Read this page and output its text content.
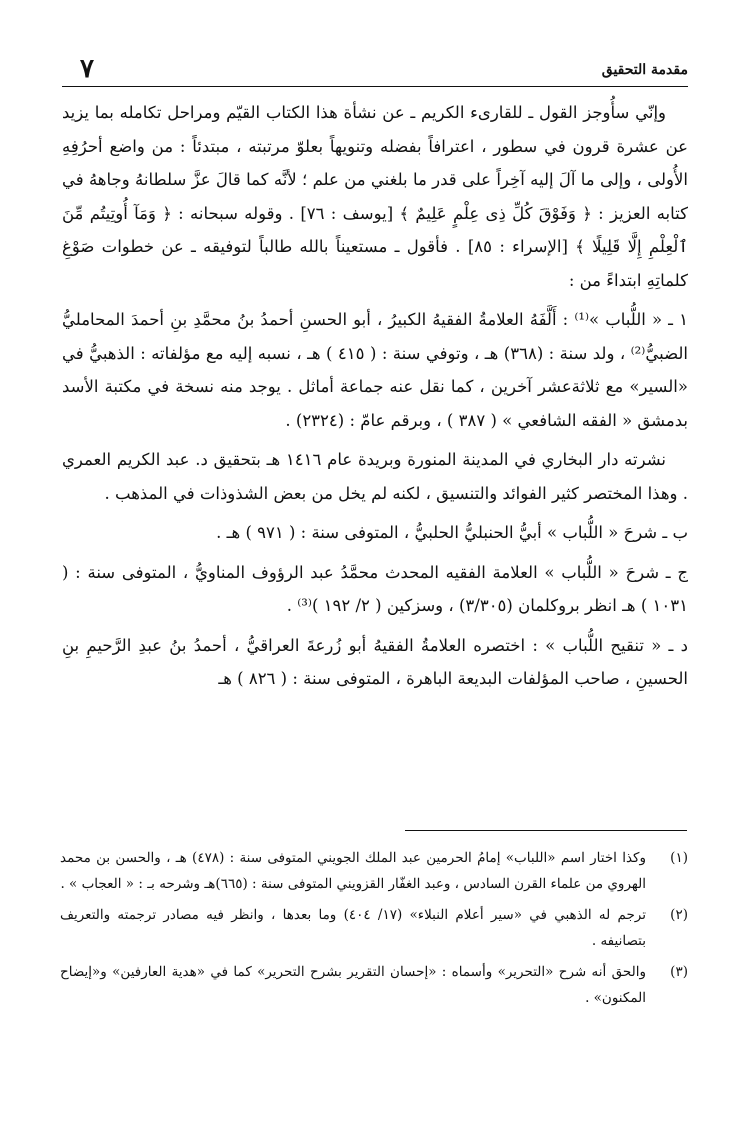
مقدمة التحقيق
٧

وإنّي سأُوجز القول ـ للقارىء الكريم ـ عن نشأة هذا الكتاب القيّم ومراحل تكامله بما يزيد عن عشرة قرون في سطور ، اعترافاً بفضله وتنويهاً بعلوّ مرتبته ، مبتدئاً : من واضع أحرُفِهِ الأُولى ، وإلى ما آلَ إليه آخِراً على قدر ما بلغني من علم ؛ لأنَّه كما قالَ عزَّ سلطانهُ وجاههُ في كتابه العزيز : ﴿ وَفَوْقَ كُلِّ ذِى عِلْمٍ عَلِيمٌ ﴾ [يوسف : ٧٦] . وقوله سبحانه : ﴿ وَمَآ أُوتِيتُم مِّنَ ٱلْعِلْمِ إِلَّا قَلِيلًا ﴾ [الإسراء : ٨٥] . فأقول ـ مستعيناً بالله طالباً لتوفيقه ـ عن خطوات صَوْغِ كلماتِهِ ابتداءً من :

١ ـ « اللُّباب »⁽¹⁾ : أَلَّفَهُ العلامةُ الفقيهُ الكبيرُ ، أبو الحسنِ أحمدُ بنُ محمَّدِ بنِ أحمدَ المحامليُّ الضبيُّ⁽²⁾ ، ولد سنة : (٣٦٨) هـ ، وتوفي سنة : ( ٤١٥ ) هـ ، نسبه إليه مع مؤلفاته : الذهبيُّ في «السير» مع ثلاثةعشر آخرين ، كما نقل عنه جماعة أماثل . يوجد منه نسخة في مكتبة الأسد بدمشق « الفقه الشافعي » ( ٣٨٧ ) ، وبرقم عامّ : (٢٣٢٤) .

نشرته دار البخاري في المدينة المنورة وبريدة عام ١٤١٦ هـ بتحقيق د. عبد الكريم العمري . وهذا المختصر كثير الفوائد والتنسيق ، لكنه لم يخل من بعض الشذوذات في المذهب .

ب ـ شرحَ « اللُّباب » أبيُّ الحنبليُّ الحلبيُّ ، المتوفى سنة : ( ٩٧١ ) هـ .

ج ـ شرحَ « اللُّباب » العلامة الفقيه المحدث محمَّدُ عبد الرؤوف المناويُّ ، المتوفى سنة : ( ١٠٣١ ) هـ انظر بروكلمان (٣/٣٠٥) ، وسزكين ( ٢/ ١٩٢ )⁽³⁾ .

د ـ « تنقيح اللُّباب » : اختصره العلامةُ الفقيهُ أبو زُرعةَ العراقيُّ ، أحمدُ بنُ عبدِ الرَّحيمِ بنِ الحسينِ ، صاحب المؤلفات البديعة الباهرة ، المتوفى سنة : ( ٨٢٦ ) هـ

(١)
وكذا اختار اسم «اللباب» إمامُ الحرمين عبد الملك الجويني المتوفى سنة : (٤٧٨) هـ ، والحسن بن محمد الهروي من علماء القرن السادس ، وعبد الغفّار القزويني المتوفى سنة : (٦٦٥)هـ وشرحه بـ : « العجاب » .
(٢)
ترجم له الذهبي في «سير أعلام النبلاء» (١٧/ ٤٠٤) وما بعدها ، وانظر فيه مصادر ترجمته والتعريف بتصانيفه .
(٣)
والحق أنه شرح «التحرير» وأسماه : «إحسان التقرير بشرح التحرير» كما في «هدية العارفين» و«إيضاح المكنون» .
